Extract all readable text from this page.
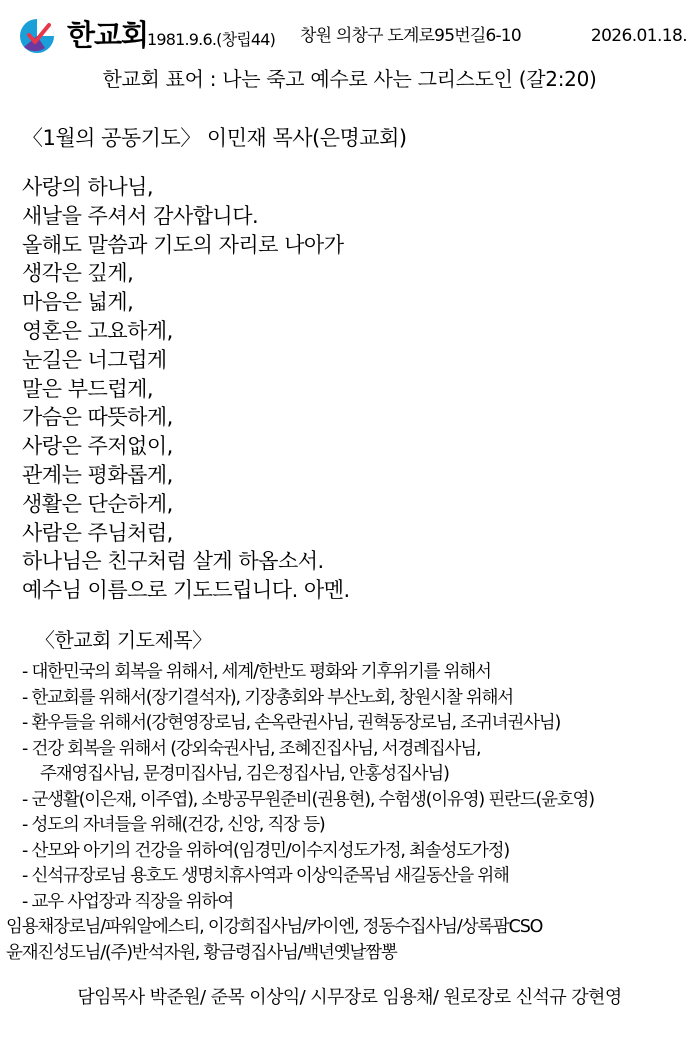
한교회
1981.9.6.(창립44) 창원 의창구 도계로95번길6-10	2026.01.18.
한교회 표어 : 나는 죽고 예수로 사는 그리스도인 (갈2:20)
〈1월의 공동기도〉 이민재 목사(은명교회)
사랑의 하나님,
새날을 주셔서 감사합니다.
올해도 말씀과 기도의 자리로 나아가
생각은 깊게,
마음은 넓게,
영혼은 고요하게,
눈길은 너그럽게
말은 부드럽게,
가슴은 따뜻하게,
사랑은 주저없이,
관계는 평화롭게,
생활은 단순하게,
사람은 주님처럼,
하나님은 친구처럼 살게 하옵소서.
예수님 이름으로 기도드립니다. 아멘.
〈한교회 기도제목〉
- 대한민국의 회복을 위해서, 세계/한반도 평화와 기후위기를 위해서
- 한교회를 위해서(장기결석자), 기장총회와 부산노회, 창원시찰 위해서
- 환우들을 위해서(강현영장로님, 손옥란권사님, 권혁동장로님, 조귀녀권사님)
- 건강 회복을 위해서 (강외숙권사님, 조혜진집사님, 서경례집사님,
주재영집사님, 문경미집사님, 김은정집사님, 안홍성집사님)
- 군생활(이은재, 이주엽), 소방공무원준비(권용현), 수험생(이유영) 핀란드(윤호영)
- 성도의 자녀들을 위해(건강, 신앙, 직장 등)
- 산모와 아기의 건강을 위하여(임경민/이수지성도가정, 최솔성도가정)
- 신석규장로님 용호도 생명치휴사역과 이상익준목님 새길동산을 위해
- 교우 사업장과 직장을 위하여
임용채장로님/파워알에스티, 이강희집사님/카이엔, 정동수집사님/상록팜CSO
윤재진성도님/(주)반석자원, 황금령집사님/백년옛날짬뽕
담임목사 박준원/ 준목 이상익/ 시무장로 임용채/ 원로장로 신석규 강현영
